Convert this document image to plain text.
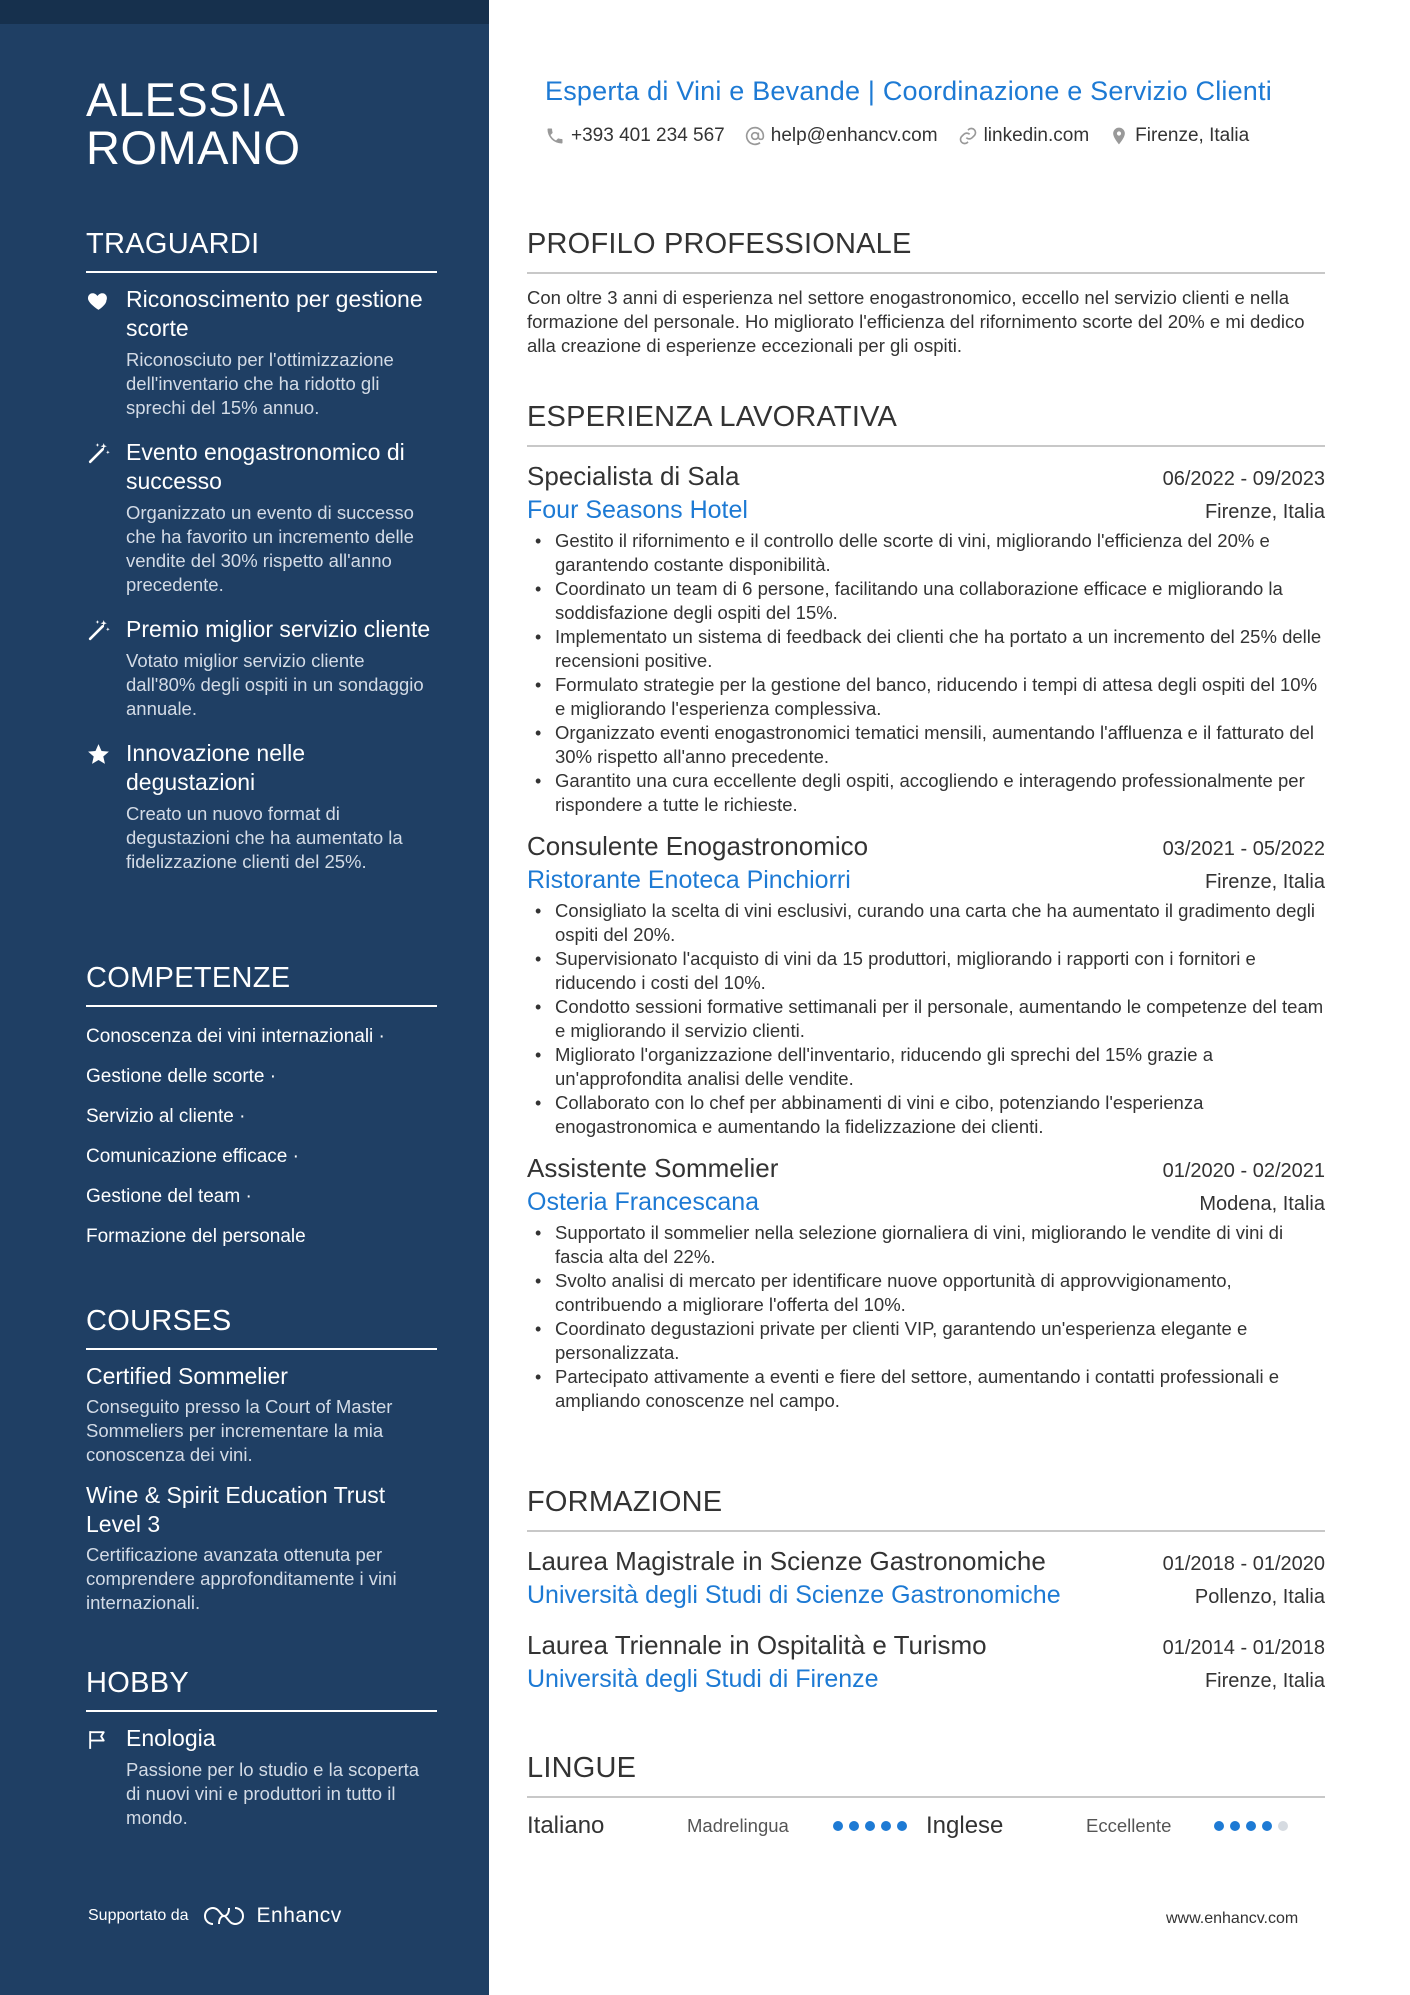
ALESSIA
ROMANO
TRAGUARDI
Riconoscimento per gestione scorte
Riconosciuto per l'ottimizzazione dell'inventario che ha ridotto gli sprechi del 15% annuo.
Evento enogastronomico di successo
Organizzato un evento di successo che ha favorito un incremento delle vendite del 30% rispetto all'anno precedente.
Premio miglior servizio cliente
Votato miglior servizio cliente dall'80% degli ospiti in un sondaggio annuale.
Innovazione nelle degustazioni
Creato un nuovo format di degustazioni che ha aumentato la fidelizzazione clienti del 25%.
COMPETENZE
Conoscenza dei vini internazionali ·
Gestione delle scorte ·
Servizio al cliente ·
Comunicazione efficace ·
Gestione del team ·
Formazione del personale
COURSES
Certified Sommelier
Conseguito presso la Court of Master Sommeliers per incrementare la mia conoscenza dei vini.
Wine & Spirit Education Trust Level 3
Certificazione avanzata ottenuta per comprendere approfonditamente i vini internazionali.
HOBBY
Enologia
Passione per lo studio e la scoperta di nuovi vini e produttori in tutto il mondo.
Supportato da	Enhancv
Esperta di Vini e Bevande | Coordinazione e Servizio Clienti
+393 401 234 567 help@enhancv.com linkedin.com Firenze, Italia
PROFILO PROFESSIONALE
Con oltre 3 anni di esperienza nel settore enogastronomico, eccello nel servizio clienti e nella formazione del personale. Ho migliorato l'efficienza del rifornimento scorte del 20% e mi dedico alla creazione di esperienze eccezionali per gli ospiti.
ESPERIENZA LAVORATIVA
Specialista di Sala	06/2022 - 09/2023
Four Seasons Hotel	Firenze, Italia
• Gestito il rifornimento e il controllo delle scorte di vini, migliorando l'efficienza del 20% e garantendo costante disponibilità.
• Coordinato un team di 6 persone, facilitando una collaborazione efficace e migliorando la soddisfazione degli ospiti del 15%.
• Implementato un sistema di feedback dei clienti che ha portato a un incremento del 25% delle recensioni positive.
• Formulato strategie per la gestione del banco, riducendo i tempi di attesa degli ospiti del 10% e migliorando l'esperienza complessiva.
• Organizzato eventi enogastronomici tematici mensili, aumentando l'affluenza e il fatturato del 30% rispetto all'anno precedente.
• Garantito una cura eccellente degli ospiti, accogliendo e interagendo professionalmente per rispondere a tutte le richieste.
Consulente Enogastronomico	03/2021 - 05/2022
Ristorante Enoteca Pinchiorri	Firenze, Italia
• Consigliato la scelta di vini esclusivi, curando una carta che ha aumentato il gradimento degli ospiti del 20%.
• Supervisionato l'acquisto di vini da 15 produttori, migliorando i rapporti con i fornitori e riducendo i costi del 10%.
• Condotto sessioni formative settimanali per il personale, aumentando le competenze del team e migliorando il servizio clienti.
• Migliorato l'organizzazione dell'inventario, riducendo gli sprechi del 15% grazie a un'approfondita analisi delle vendite.
• Collaborato con lo chef per abbinamenti di vini e cibo, potenziando l'esperienza enogastronomica e aumentando la fidelizzazione dei clienti.
Assistente Sommelier	01/2020 - 02/2021
Osteria Francescana	Modena, Italia
• Supportato il sommelier nella selezione giornaliera di vini, migliorando le vendite di vini di fascia alta del 22%.
• Svolto analisi di mercato per identificare nuove opportunità di approvvigionamento, contribuendo a migliorare l'offerta del 10%.
• Coordinato degustazioni private per clienti VIP, garantendo un'esperienza elegante e personalizzata.
• Partecipato attivamente a eventi e fiere del settore, aumentando i contatti professionali e ampliando conoscenze nel campo.
FORMAZIONE
Laurea Magistrale in Scienze Gastronomiche	01/2018 - 01/2020
Università degli Studi di Scienze Gastronomiche	Pollenzo, Italia
Laurea Triennale in Ospitalità e Turismo	01/2014 - 01/2018
Università degli Studi di Firenze	Firenze, Italia
LINGUE
Italiano	Madrelingua	Inglese	Eccellente
www.enhancv.com
